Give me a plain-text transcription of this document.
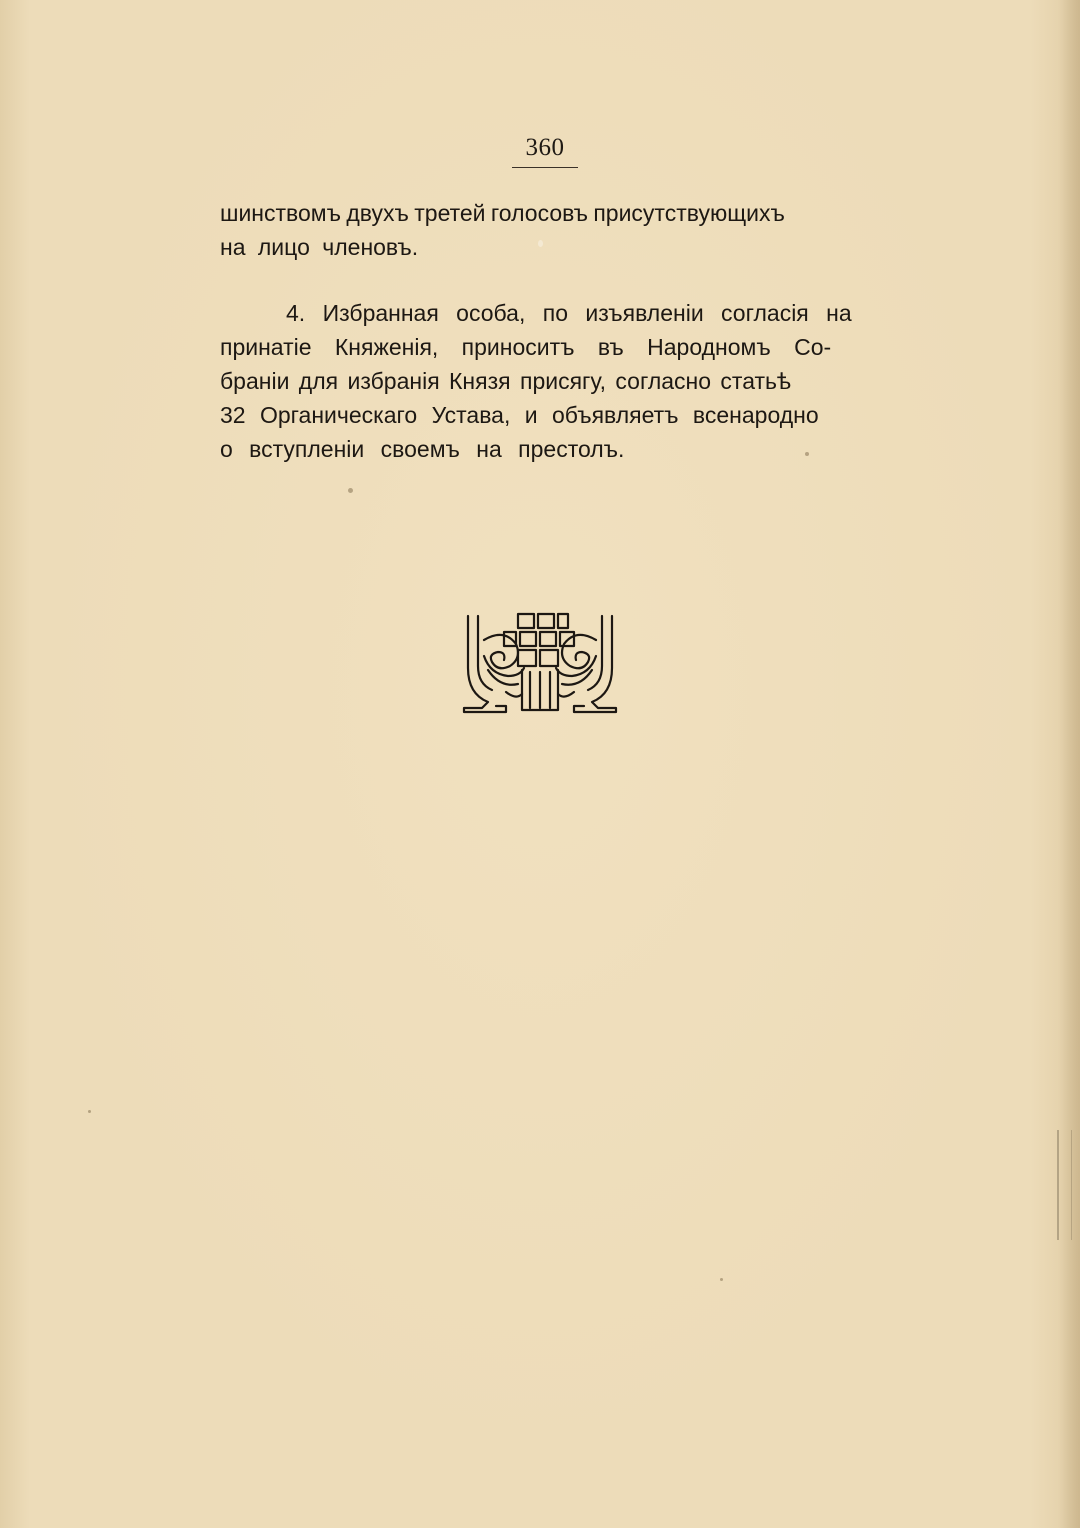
360
шинствомъ двухъ третей голосовъ присутствующихъ
на лицо членовъ.
4. Избранная особа, по изъявленіи согласія на
принатіе Княженія, приноситъ въ Народномъ Со-
браніи для избранія Князя присягу, согласно статьѣ
32 Органическаго Устава, и объявляетъ всенародно
о вступленіи своемъ на престолъ.
